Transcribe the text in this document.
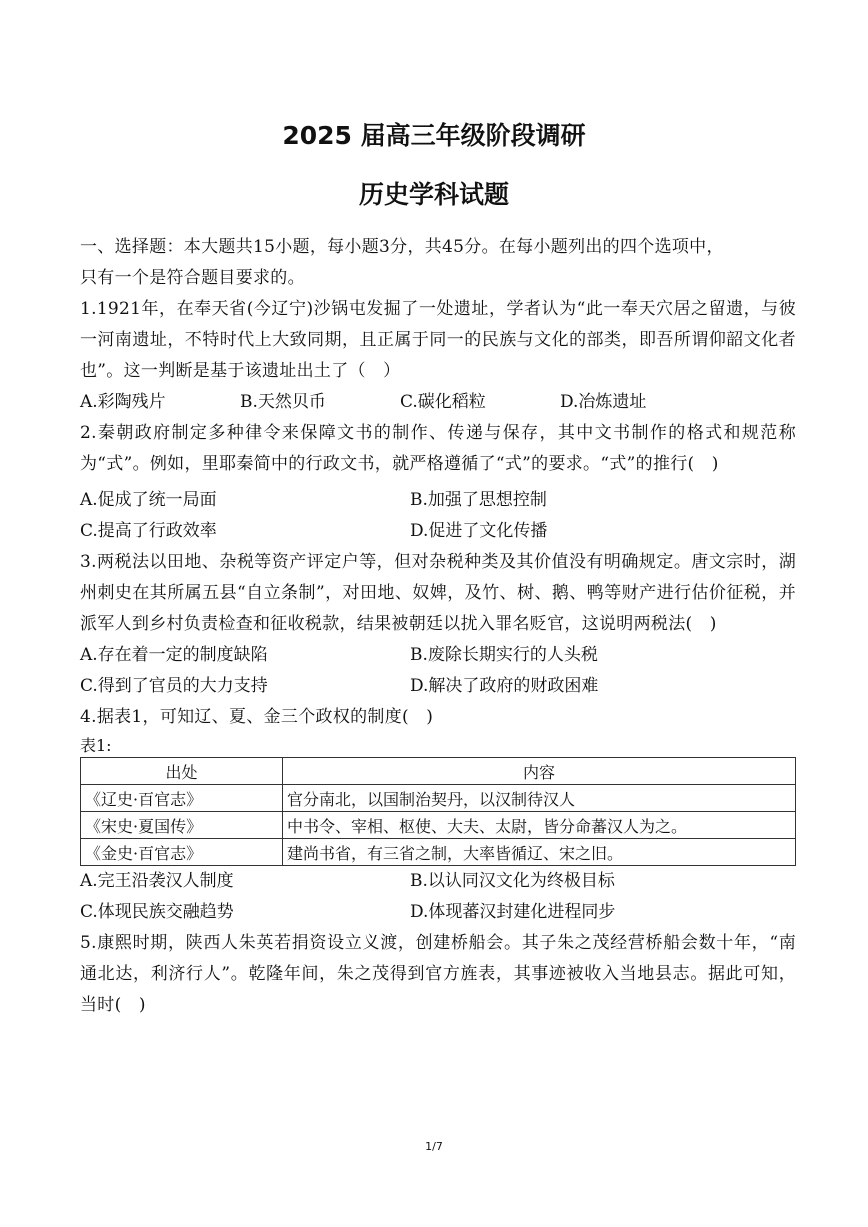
2025 届高三年级阶段调研
历史学科试题

一、选择题：本大题共15小题，每小题3分，共45分。在每小题列出的四个选项中，

只有一个是符合题目要求的。

1.1921年，在奉天省(今辽宁)沙锅屯发掘了一处遗址，学者认为“此一奉天穴居之留遗，与彼一河南遗址，不特时代上大致同期，且正属于同一的民族与文化的部类，即吾所谓仰韶文化者也”。这一判断是基于该遗址出土了（　）

A.彩陶残片	B.天然贝币	C.碳化稻粒	D.冶炼遗址

2.秦朝政府制定多种律令来保障文书的制作、传递与保存，其中文书制作的格式和规范称为“式”。例如，里耶秦简中的行政文书，就严格遵循了“式”的要求。“式”的推行(　)

A.促成了统一局面	B.加强了思想控制
C.提高了行政效率	D.促进了文化传播

3.两税法以田地、杂税等资产评定户等，但对杂税种类及其价值没有明确规定。唐文宗时，湖州刺史在其所属五县“自立条制”，对田地、奴婢，及竹、树、鹅、鸭等财产进行估价征税，并派军人到乡村负责检查和征收税款，结果被朝廷以扰入罪名贬官，这说明两税法(　)

A.存在着一定的制度缺陷	B.废除长期实行的人头税
C.得到了官员的大力支持	D.解决了政府的财政困难

4.据表1，可知辽、夏、金三个政权的制度(　)

表1:
出处	内容
《辽史·百官志》	官分南北，以国制治契丹，以汉制待汉人
《宋史·夏国传》	中书令、宰相、枢使、大夫、太尉，皆分命蕃汉人为之。
《金史·百官志》	建尚书省，有三省之制，大率皆循辽、宋之旧。
A.完王沿袭汉人制度	B.以认同汉文化为终极目标
C.体现民族交融趋势	D.体现蕃汉封建化进程同步

5.康熙时期，陕西人朱英若捐资设立义渡，创建桥船会。其子朱之茂经营桥船会数十年，“南通北达，利济行人”。乾隆年间，朱之茂得到官方旌表，其事迹被收入当地县志。据此可知，当时(　)

1/7
